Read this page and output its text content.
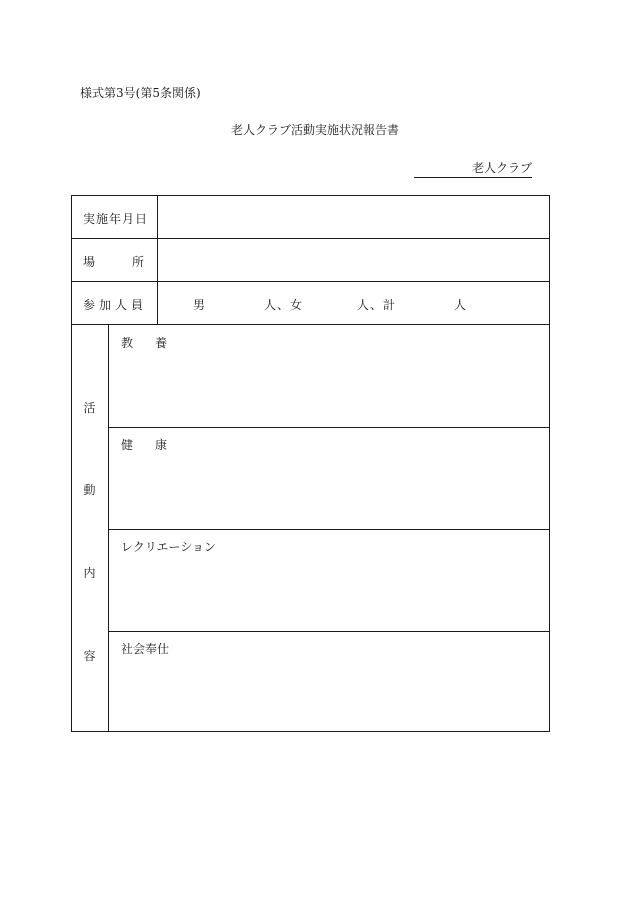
様式第3号(第5条関係)
老人クラブ活動実施状況報告書
老人クラブ
実施年月日
場	所
参加人員	男	人、女	人、計	人
活
動
内
容
教 養
健 康
レクリエーション
社会奉仕
